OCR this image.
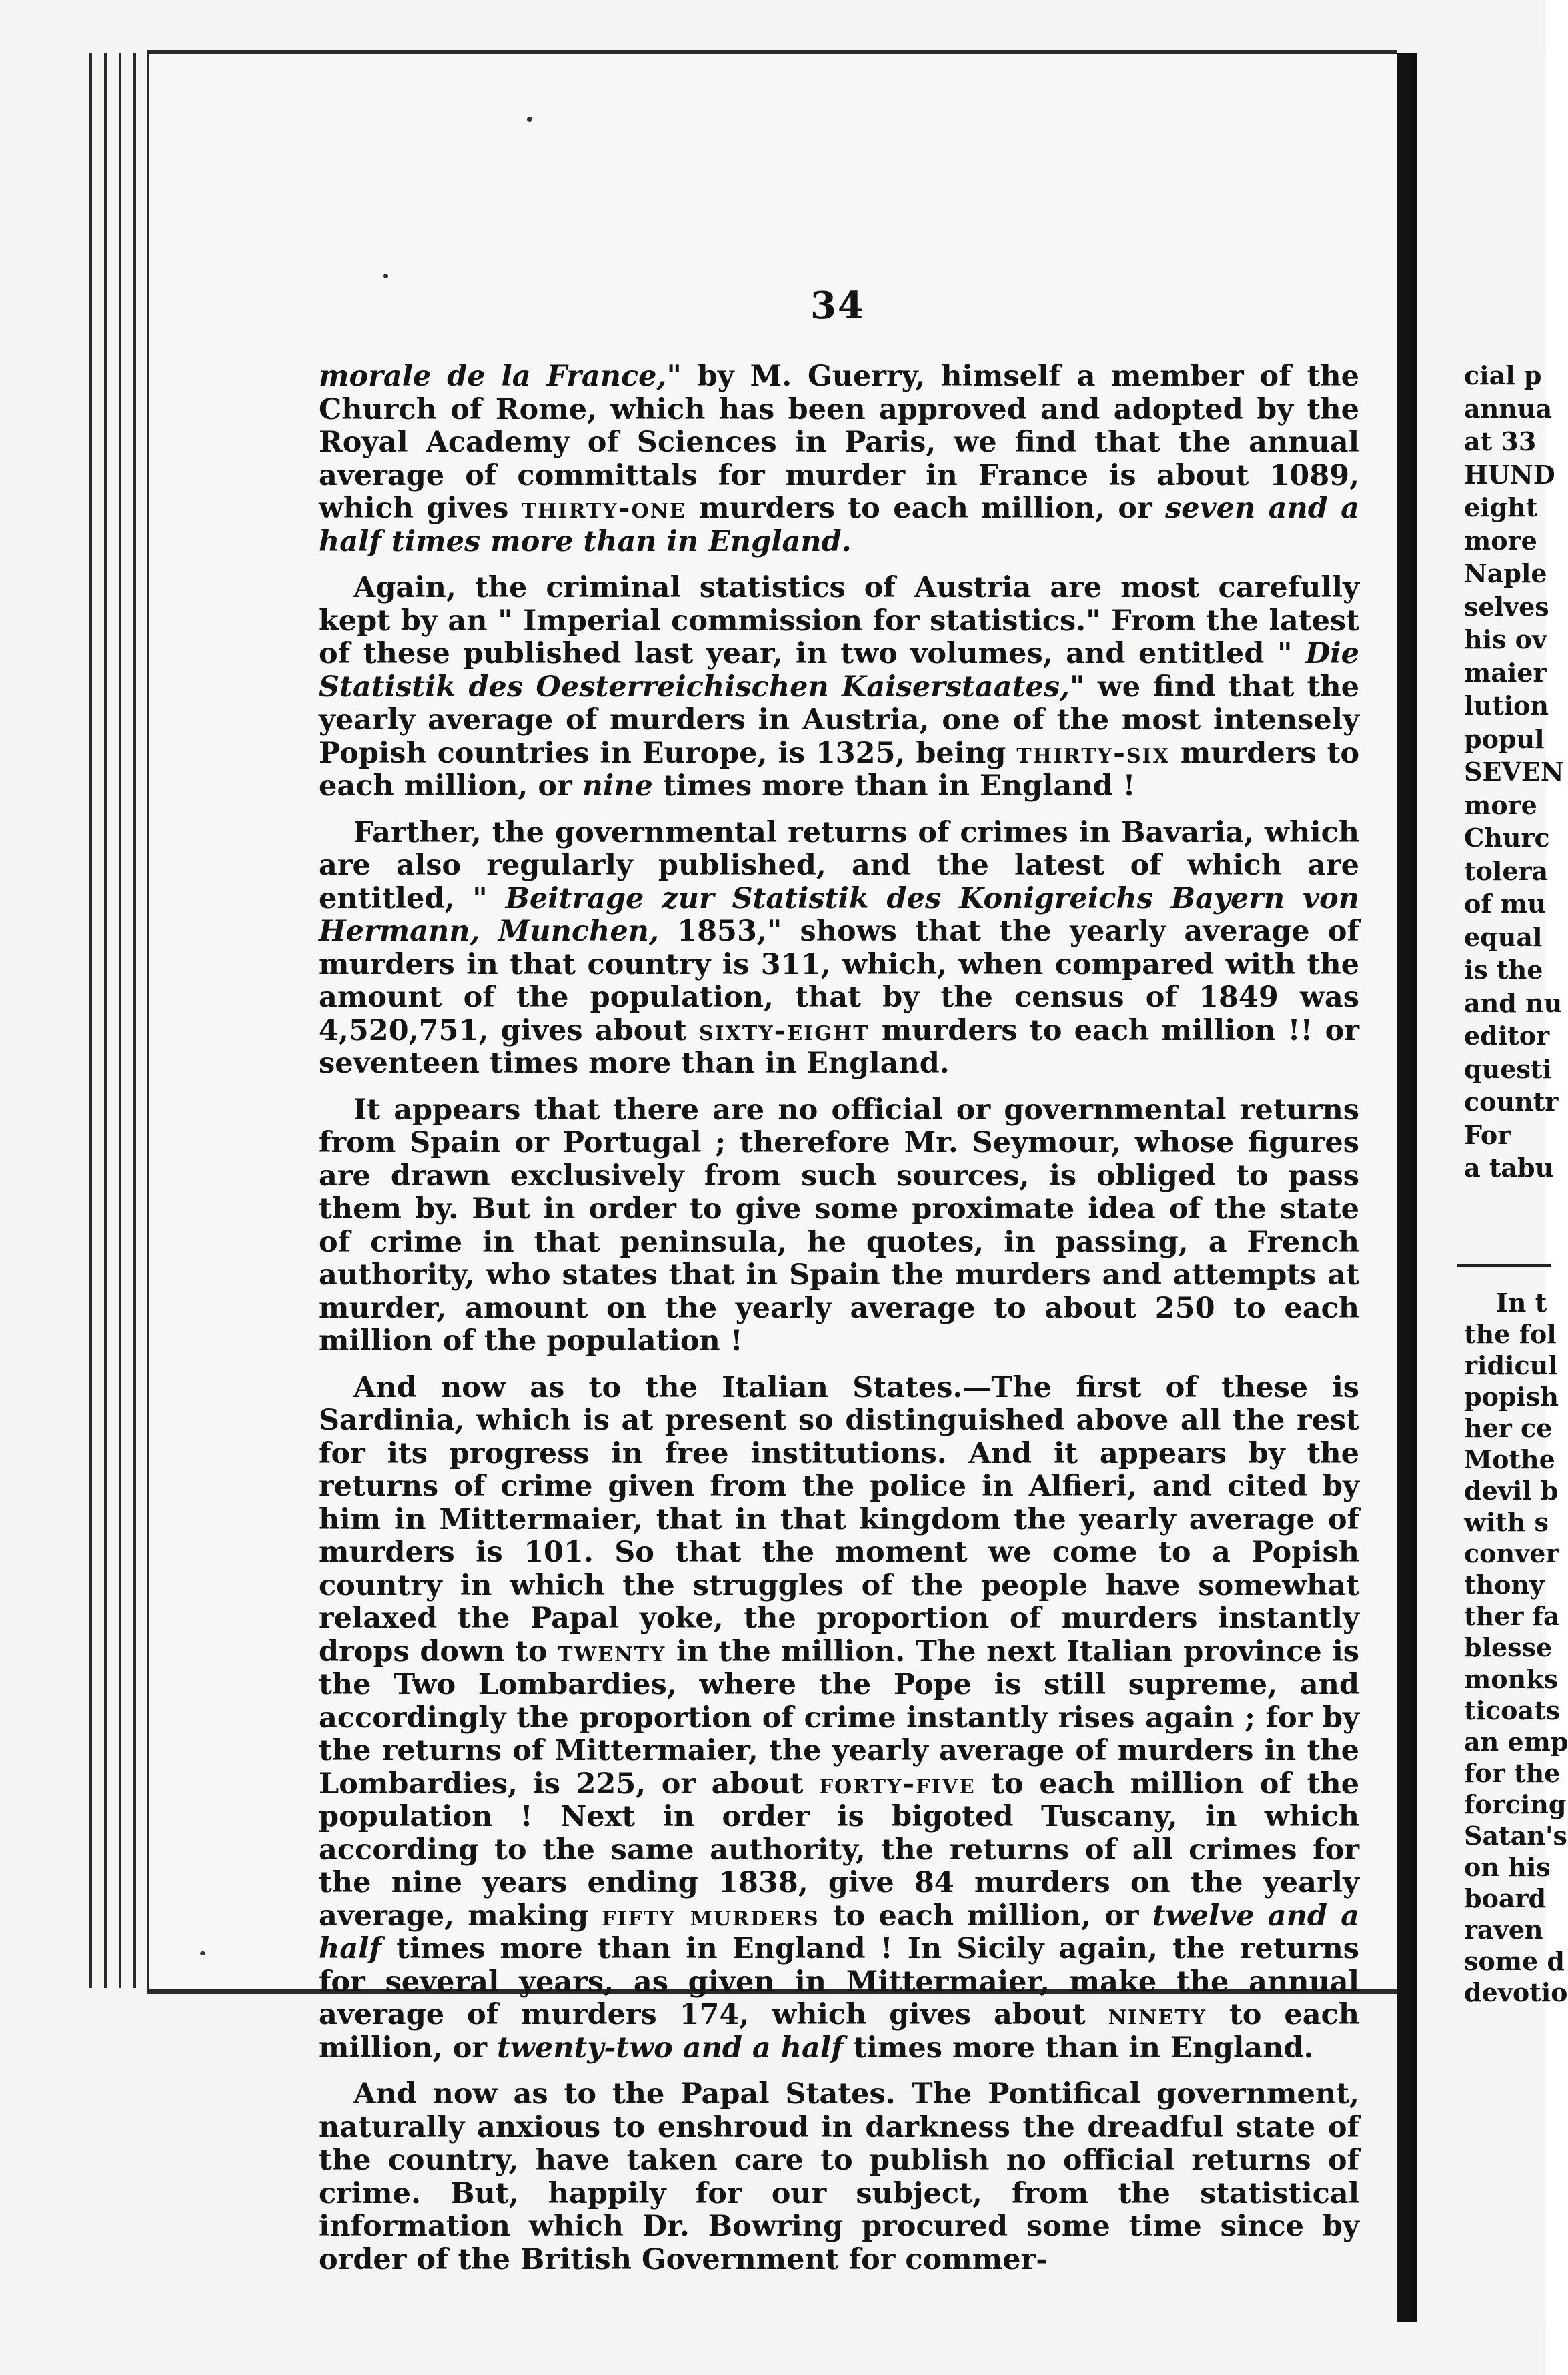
cial p
annua
at 33
HUND
eight
more
Naple
selves
his ov
maier
lution
popul
SEVEN
more
Churc
tolera
of mu
equal
is the
and nu
editor
questi
countr
For
a tabu
In t
the fol
ridicul
popish
her ce
Mothe
devil b
with s
conver
thony
ther fa
blesse
monks
ticoats
an emp
for the
forcing
Satan's
on his
board
raven
some d
devotio
34

morale de la France," by M. Guerry, himself a member of the Church of Rome, which has been approved and adopted by the Royal Academy of Sciences in Paris, we find that the annual average of committals for murder in France is about 1089, which gives thirty-one murders to each million, or seven and a half times more than in England.

Again, the criminal statistics of Austria are most carefully kept by an " Imperial commission for statistics." From the latest of these published last year, in two volumes, and entitled " Die Statistik des Oesterreichischen Kaiserstaates," we find that the yearly average of murders in Austria, one of the most intensely Popish countries in Europe, is 1325, being thirty-six murders to each million, or nine times more than in England !

Farther, the governmental returns of crimes in Bavaria, which are also regularly published, and the latest of which are entitled, " Beitrage zur Statistik des Konigreichs Bayern von Hermann, Munchen, 1853," shows that the yearly average of murders in that country is 311, which, when compared with the amount of the population, that by the census of 1849 was 4,520,751, gives about sixty-eight murders to each million !! or seventeen times more than in England.

It appears that there are no official or governmental returns from Spain or Portugal ; therefore Mr. Seymour, whose figures are drawn exclusively from such sources, is obliged to pass them by. But in order to give some proximate idea of the state of crime in that peninsula, he quotes, in passing, a French authority, who states that in Spain the murders and attempts at murder, amount on the yearly average to about 250 to each million of the population !

And now as to the Italian States.—The first of these is Sardinia, which is at present so distinguished above all the rest for its progress in free institutions. And it appears by the returns of crime given from the police in Alfieri, and cited by him in Mittermaier, that in that kingdom the yearly average of murders is 101. So that the moment we come to a Popish country in which the struggles of the people have somewhat relaxed the Papal yoke, the proportion of murders instantly drops down to twenty in the million. The next Italian province is the Two Lombardies, where the Pope is still supreme, and accordingly the proportion of crime instantly rises again ; for by the returns of Mittermaier, the yearly average of murders in the Lombardies, is 225, or about forty-five to each million of the population ! Next in order is bigoted Tuscany, in which according to the same authority, the returns of all crimes for the nine years ending 1838, give 84 murders on the yearly average, making fifty murders to each million, or twelve and a half times more than in England ! In Sicily again, the returns for several years, as given in Mittermaier, make the annual average of murders 174, which gives about ninety to each million, or twenty-two and a half times more than in England.

And now as to the Papal States. The Pontifical government, naturally anxious to enshroud in darkness the dreadful state of the country, have taken care to publish no official returns of crime. But, happily for our subject, from the statistical information which Dr. Bowring procured some time since by order of the British Government for commer-
